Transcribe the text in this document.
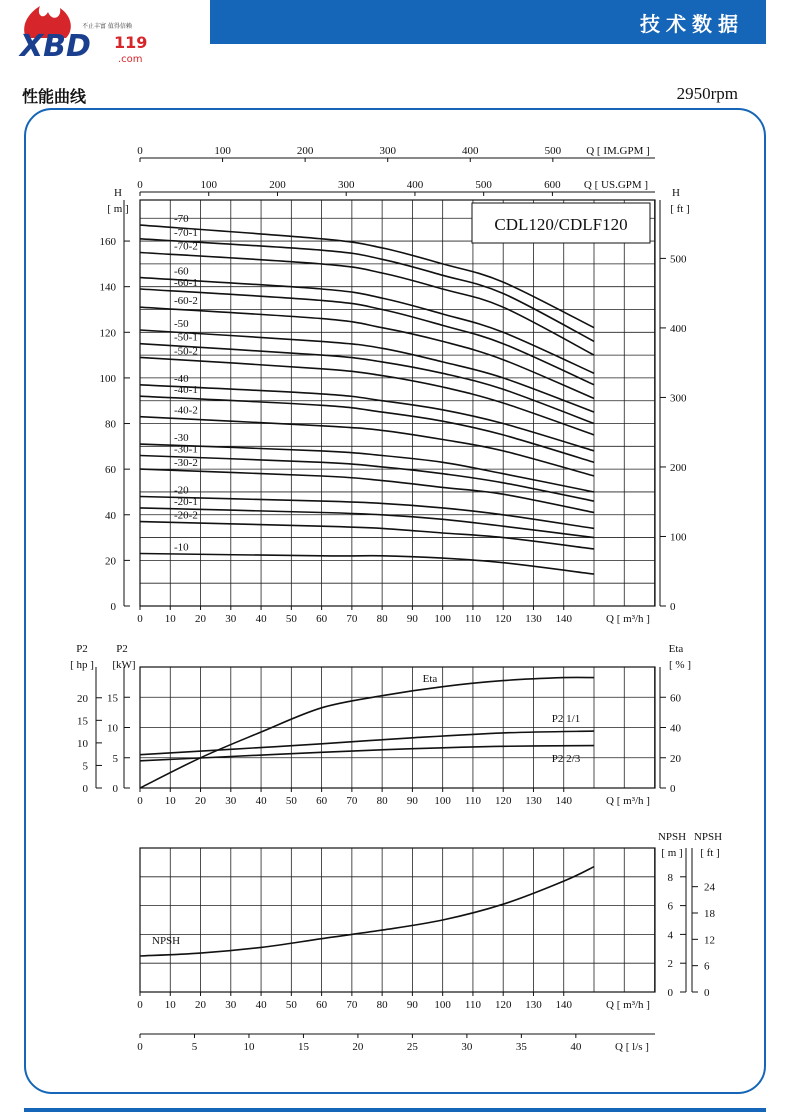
XBD 119
.com
不止丰富 值得信赖	技术数据
性能曲线	2950rpm
CDL120/CDLF120
0
20
40
60
80
100
120
140
160
H
[ m ]
0
100
200
300
400
500
H
[ ft ]
0	100	200	300	400	500 Q [ IM.GPM ]
0	100	200	300	400	500	600 Q [ US.GPM ]
0 10 20 30 40 50 60 70 80 90 100 110 120 130 140	Q [ m³/h ]
-70
-70-1
-70-2
-60
-60-1
-60-2
-50
-50-1
-50-2
-40
-40-1
-40-2
-30
-30-1
-30-2
-20
-20-1
-20-2
-10
0
5
10
15
P2
[kW]
0
5
10
15
20
P2
[ hp ]
0
20
40
60
Eta
[ % ]
0 10 20 30 40 50 60 70 80 90 100 110 120 130 140	Q [ m³/h ]
Eta
P2 1/1
P2 2/3
0
2
4
6
8
NPSH
[ m ]
0
6
12
18
24
NPSH
[ ft ]
0 10 20 30 40 50 60 70 80 90 100 110 120 130 140	Q [ m³/h ]
0	5	10	15	20	25	30	35	40	Q [ l/s ]
NPSH
